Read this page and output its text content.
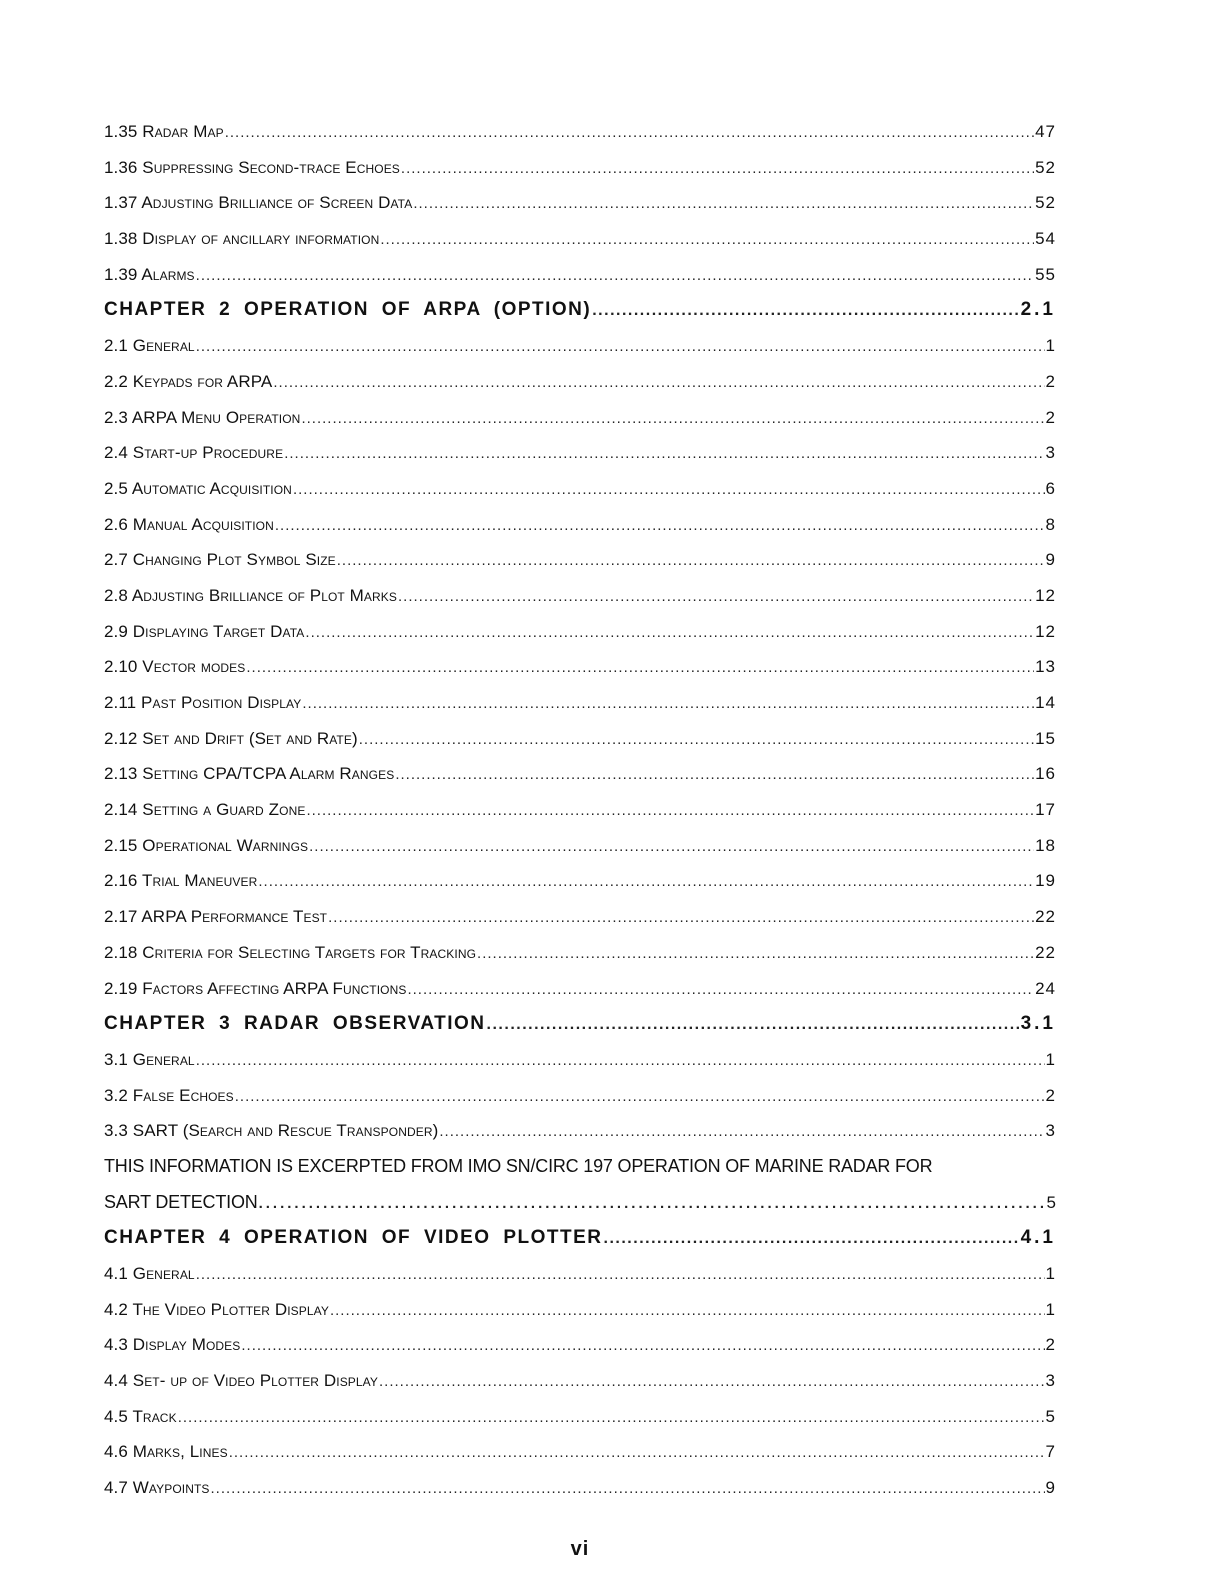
1.35 Radar Map .....	47
1.36 Suppressing Second-trace Echoes .....	52
1.37 Adjusting Brilliance of Screen Data .....	52
1.38 Display of ancillary information .....	54
1.39 Alarms .....	55
CHAPTER 2 OPERATION OF ARPA (OPTION) .....	2.1
2.1 General .....	1
2.2 Keypads for ARPA .....	2
2.3 ARPA Menu Operation .....	2
2.4 Start-up Procedure .....	3
2.5 Automatic Acquisition .....	6
2.6 Manual Acquisition .....	8
2.7 Changing Plot Symbol Size .....	9
2.8 Adjusting Brilliance of Plot Marks .....	12
2.9 Displaying Target Data .....	12
2.10 Vector modes .....	13
2.11 Past Position Display .....	14
2.12 Set and Drift (Set and Rate) .....	15
2.13 Setting CPA/TCPA Alarm Ranges .....	16
2.14 Setting a Guard Zone .....	17
2.15 Operational Warnings .....	18
2.16 Trial Maneuver .....	19
2.17 ARPA Performance Test .....	22
2.18 Criteria for Selecting Targets for Tracking .....	22
2.19 Factors Affecting ARPA Functions .....	24
CHAPTER 3 RADAR OBSERVATION .....	3.1
3.1 General .....	1
3.2 False Echoes .....	2
3.3 SART (Search and Rescue Transponder) .....	3
THIS INFORMATION IS EXCERPTED FROM IMO SN/CIRC 197 OPERATION OF MARINE RADAR FOR
SART DETECTION .....	5
CHAPTER 4 OPERATION OF VIDEO PLOTTER .....	4.1
4.1 General .....	1
4.2 The Video Plotter Display .....	1
4.3 Display Modes .....	2
4.4 Set- up of Video Plotter Display .....	3
4.5 Track .....	5
4.6 Marks, Lines .....	7
4.7 Waypoints .....	9
vi
